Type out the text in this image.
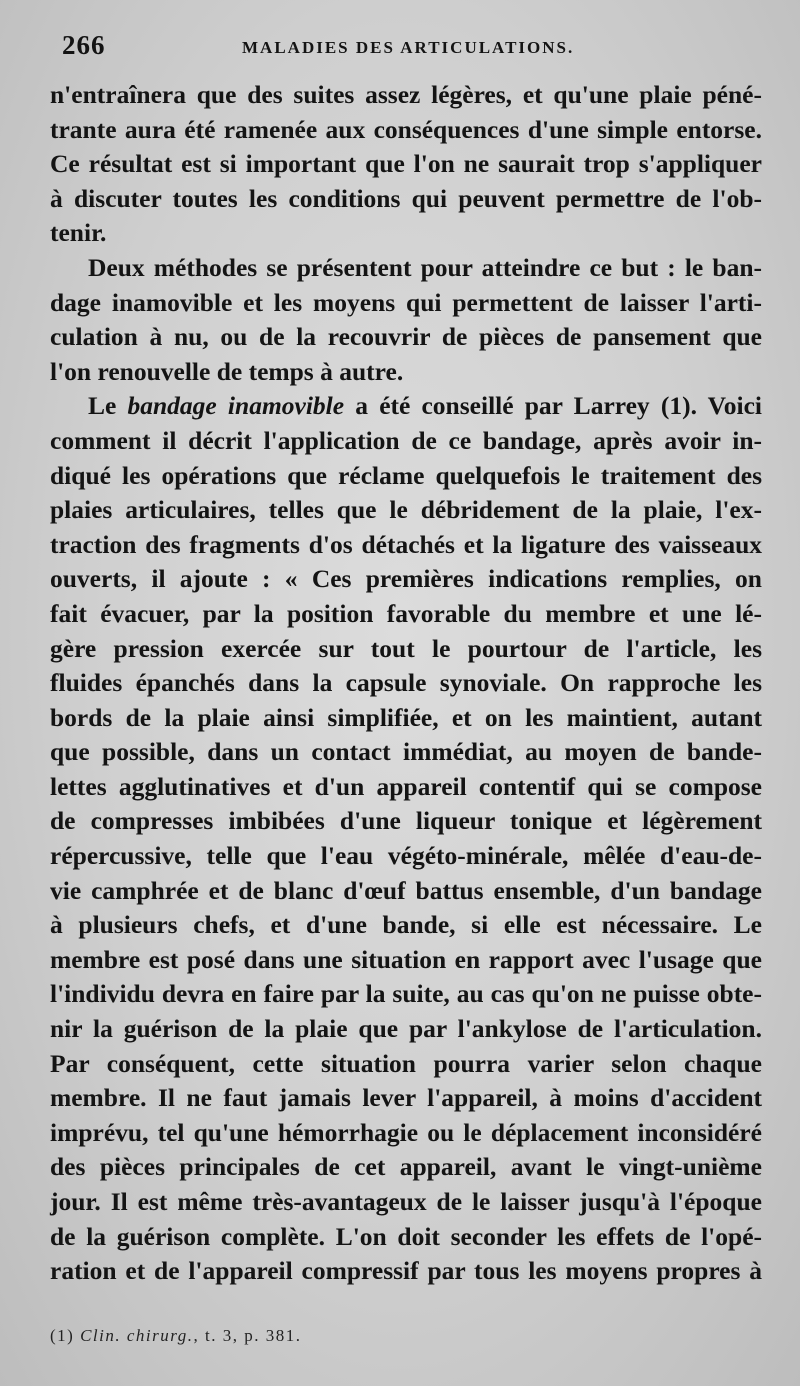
266	MALADIES DES ARTICULATIONS.

n'entraînera que des suites assez légères, et qu'une plaie péné-
trante aura été ramenée aux conséquences d'une simple entorse.
Ce résultat est si important que l'on ne saurait trop s'appliquer
à discuter toutes les conditions qui peuvent permettre de l'ob-
tenir.

Deux méthodes se présentent pour atteindre ce but : le ban-
dage inamovible et les moyens qui permettent de laisser l'arti-
culation à nu, ou de la recouvrir de pièces de pansement que
l'on renouvelle de temps à autre.

Le bandage inamovible a été conseillé par Larrey (1). Voici
comment il décrit l'application de ce bandage, après avoir in-
diqué les opérations que réclame quelquefois le traitement des
plaies articulaires, telles que le débridement de la plaie, l'ex-
traction des fragments d'os détachés et la ligature des vaisseaux
ouverts, il ajoute : « Ces premières indications remplies, on
fait évacuer, par la position favorable du membre et une lé-
gère pression exercée sur tout le pourtour de l'article, les
fluides épanchés dans la capsule synoviale. On rapproche les
bords de la plaie ainsi simplifiée, et on les maintient, autant
que possible, dans un contact immédiat, au moyen de bande-
lettes agglutinatives et d'un appareil contentif qui se compose
de compresses imbibées d'une liqueur tonique et légèrement
répercussive, telle que l'eau végéto-minérale, mêlée d'eau-de-
vie camphrée et de blanc d'œuf battus ensemble, d'un bandage
à plusieurs chefs, et d'une bande, si elle est nécessaire. Le
membre est posé dans une situation en rapport avec l'usage que
l'individu devra en faire par la suite, au cas qu'on ne puisse obte-
nir la guérison de la plaie que par l'ankylose de l'articulation.
Par conséquent, cette situation pourra varier selon chaque
membre. Il ne faut jamais lever l'appareil, à moins d'accident
imprévu, tel qu'une hémorrhagie ou le déplacement inconsidéré
des pièces principales de cet appareil, avant le vingt-unième
jour. Il est même très-avantageux de le laisser jusqu'à l'époque
de la guérison complète. L'on doit seconder les effets de l'opé-
ration et de l'appareil compressif par tous les moyens propres à

(1) Clin. chirurg., t. 3, p. 381.
